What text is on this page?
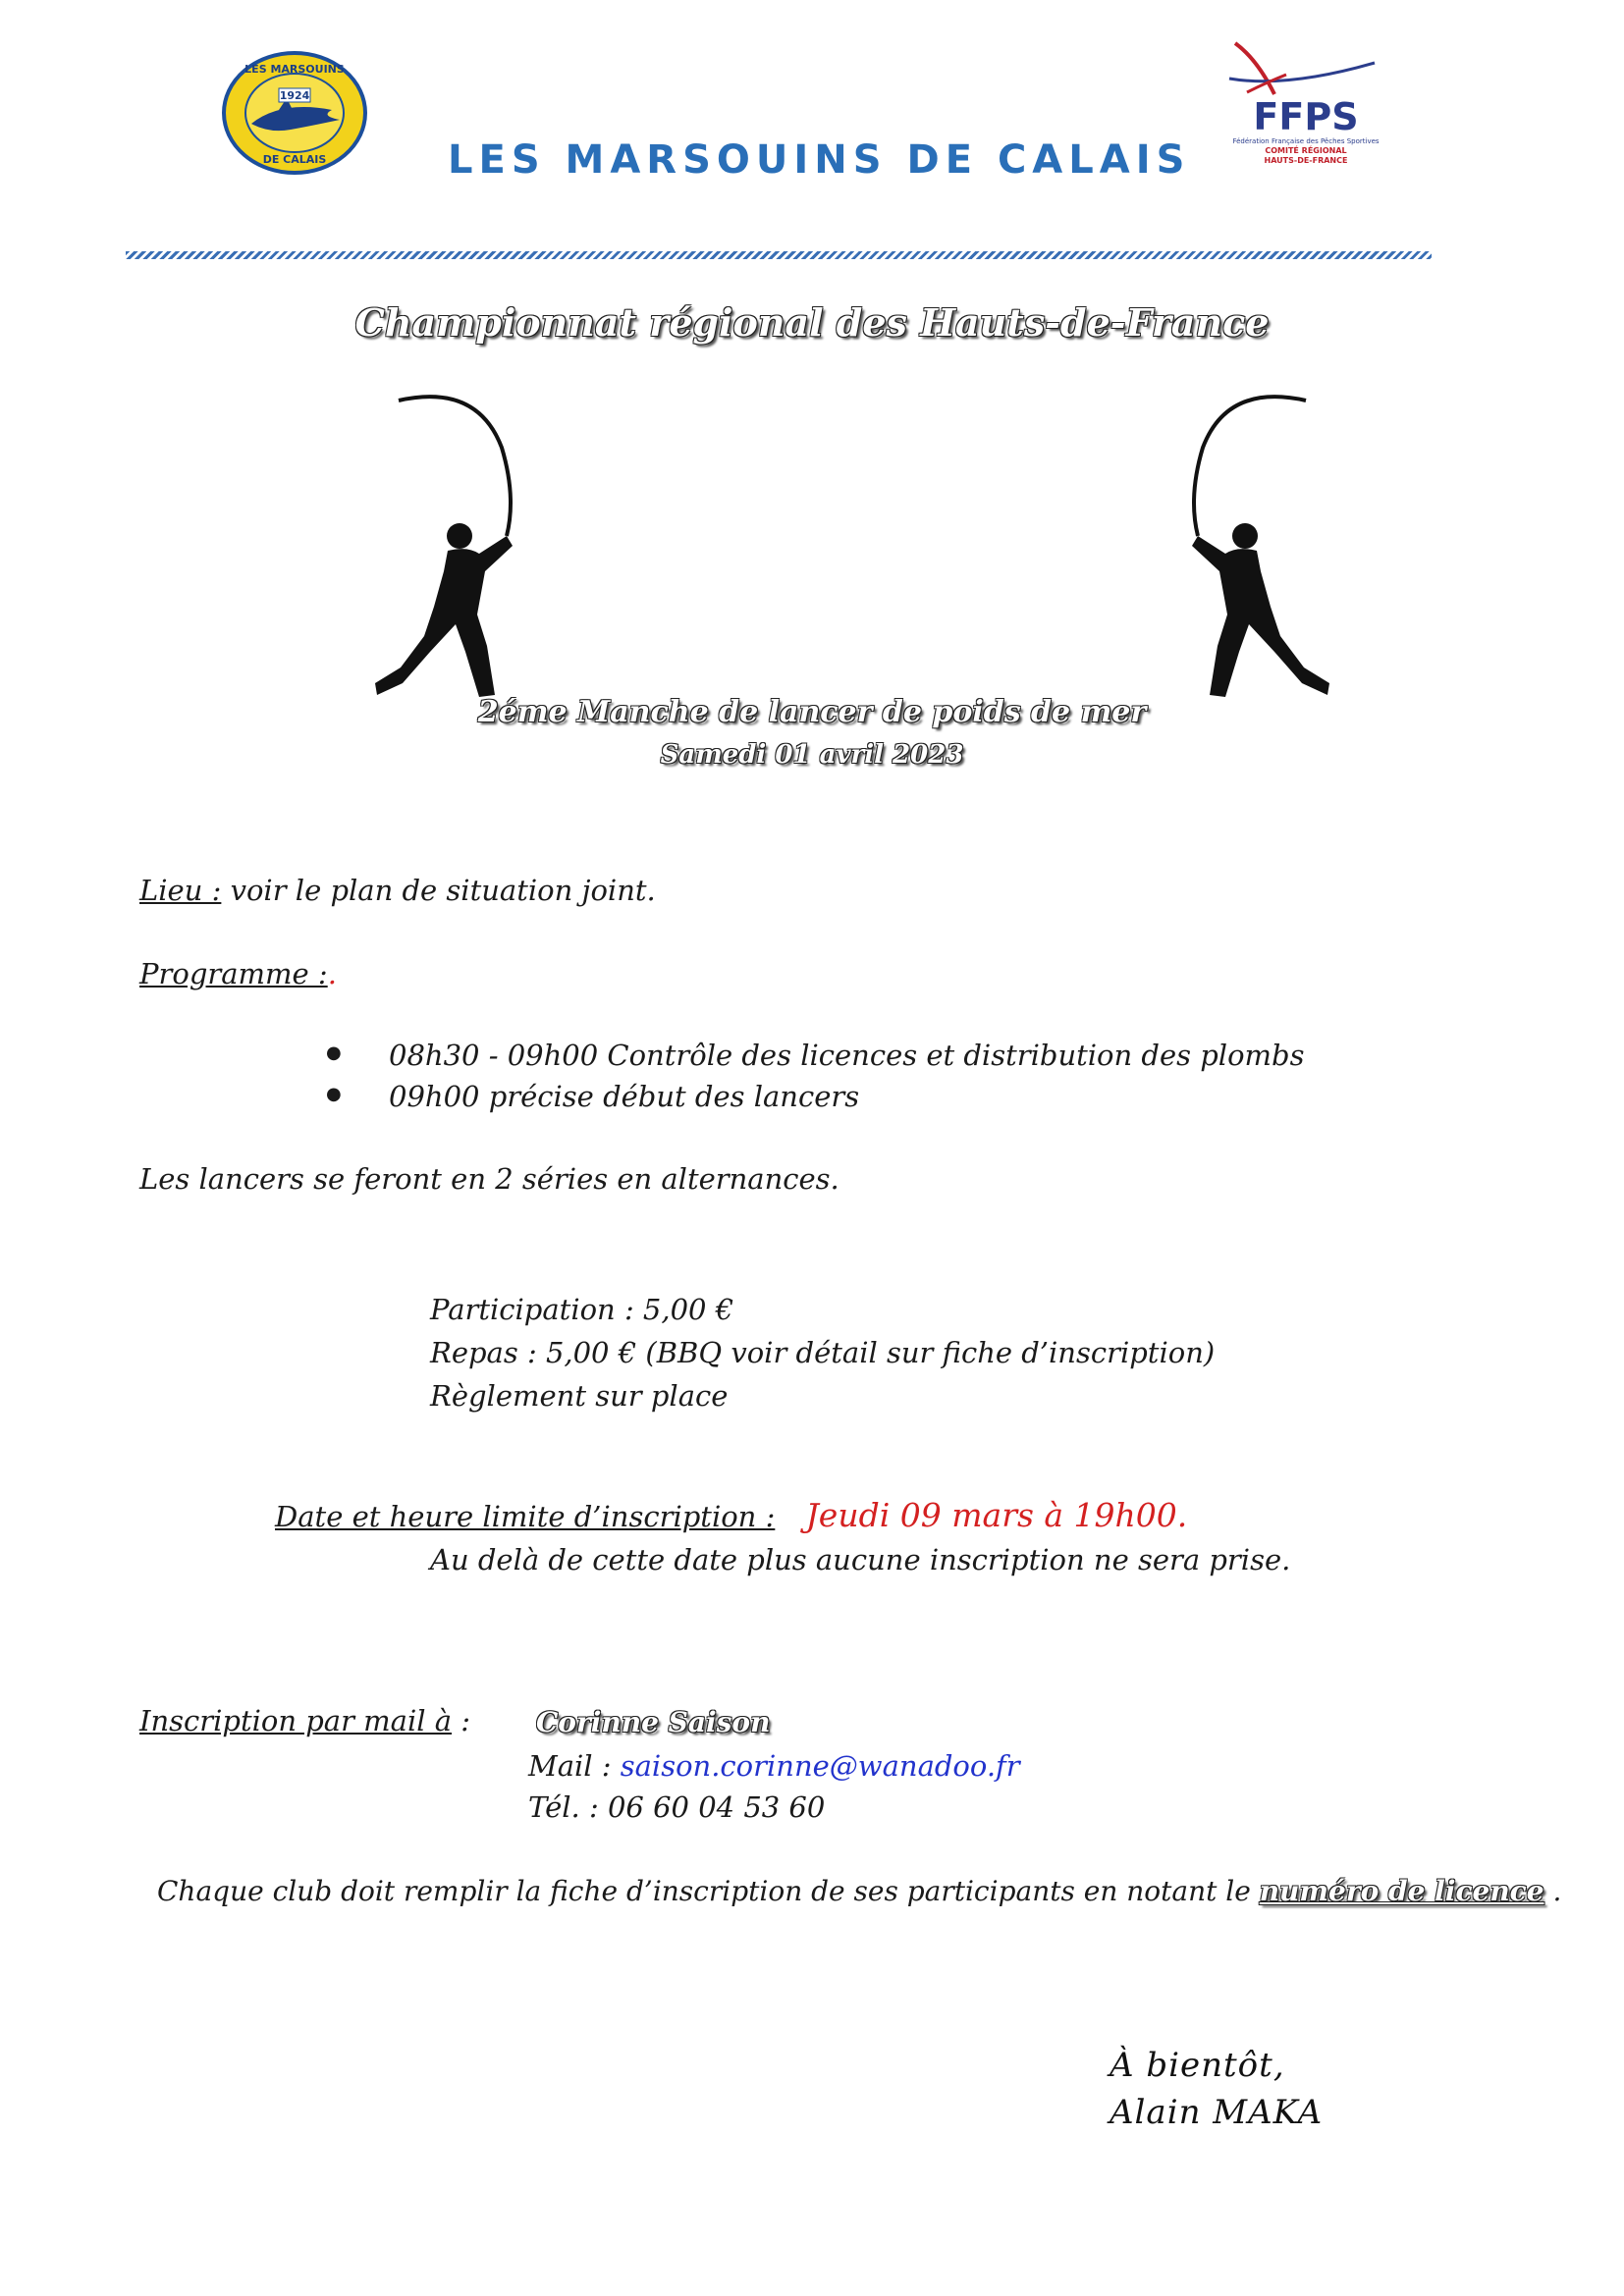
1924
LES MARSOUINS
DE CALAIS	LES MARSOUINS DE CALAIS
FFPS
Fédération Française des Pêches Sportives
COMITÉ RÉGIONAL
HAUTS-DE-FRANCE
Championnat régional des Hauts-de-France
2éme Manche de lancer de poids de mer
Samedi 01 avril 2023
Lieu : voir le plan de situation joint.
Programme :.
● 08h30 - 09h00 Contrôle des licences et distribution des plombs
● 09h00 précise début des lancers
Les lancers se feront en 2 séries en alternances.
Participation : 5,00 €
Repas : 5,00 € (BBQ voir détail sur fiche d’inscription)
Règlement sur place
Date et heure limite d’inscription : Jeudi 09 mars à 19h00.
Au delà de cette date plus aucune inscription ne sera prise.
Inscription par mail à : Corinne Saison
Mail : saison.corinne@wanadoo.fr
Tél. : 06 60 04 53 60
Chaque club doit remplir la fiche d’inscription de ses participants en notant le numéro de licence .
À bientôt,
Alain MAKA
